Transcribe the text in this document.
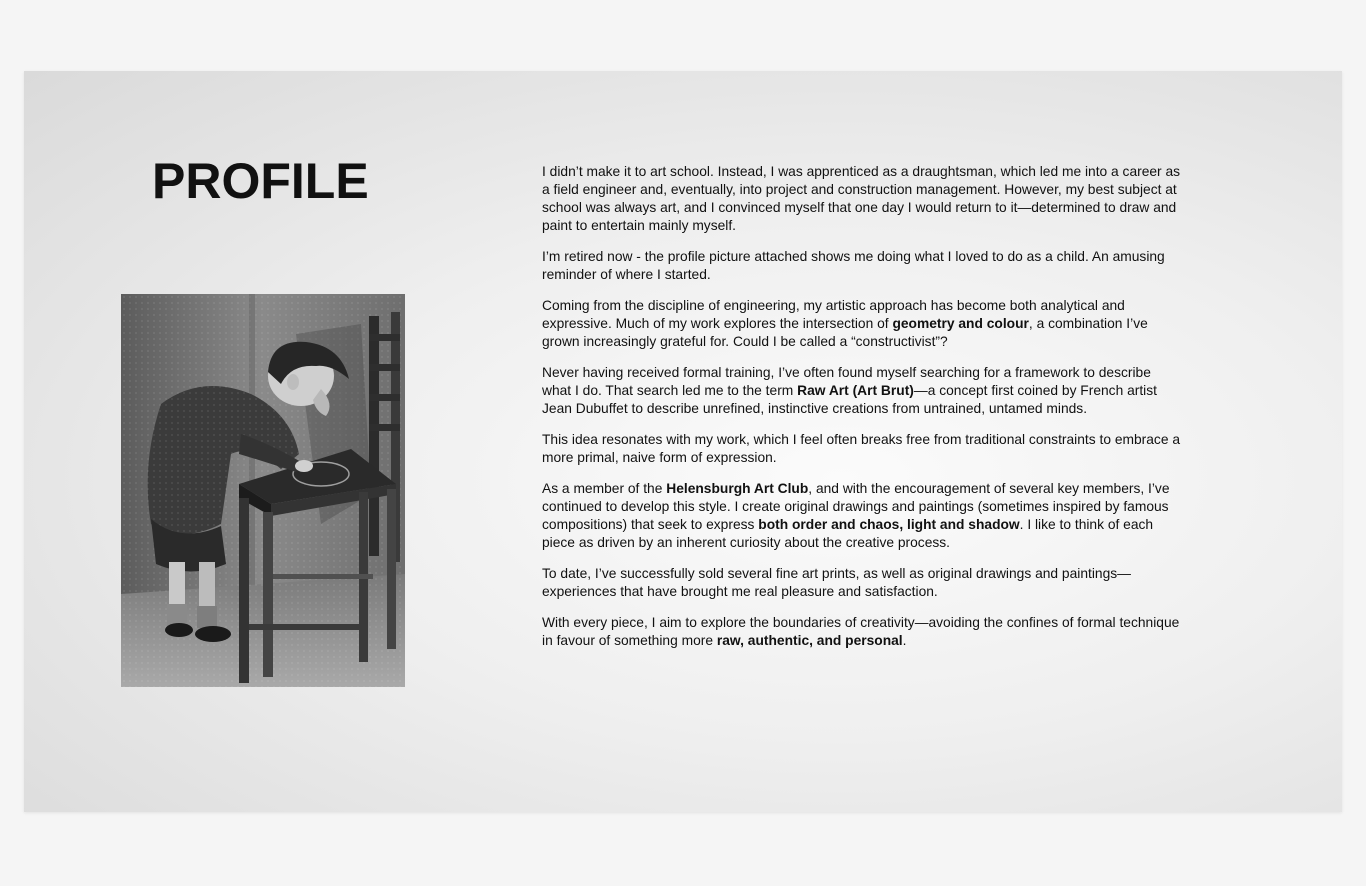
PROFILE	I didn’t make it to art school. Instead, I was apprenticed as a draughtsman, which led me into a career as a field engineer and, eventually, into project and construction management. However, my best subject at school was always art, and I convinced myself that one day I would return to it—determined to draw and paint to entertain mainly myself.

I’m retired now - the profile picture attached shows me doing what I loved to do as a child. An amusing reminder of where I started.

Coming from the discipline of engineering, my artistic approach has become both analytical and expressive. Much of my work explores the intersection of geometry and colour, a combination I’ve grown increasingly grateful for. Could I be called a “constructivist”?

Never having received formal training, I’ve often found myself searching for a framework to describe what I do. That search led me to the term Raw Art (Art Brut)—a concept first coined by French artist Jean Dubuffet to describe unrefined, instinctive creations from untrained, untamed minds.

This idea resonates with my work, which I feel often breaks free from traditional constraints to embrace a more primal, naive form of expression.

As a member of the Helensburgh Art Club, and with the encouragement of several key members, I’ve continued to develop this style. I create original drawings and paintings (sometimes inspired by famous compositions) that seek to express both order and chaos, light and shadow. I like to think of each piece as driven by an inherent curiosity about the creative process.

To date, I’ve successfully sold several fine art prints, as well as original drawings and paintings—experiences that have brought me real pleasure and satisfaction.

With every piece, I aim to explore the boundaries of creativity—avoiding the confines of formal technique in favour of something more raw, authentic, and personal.
